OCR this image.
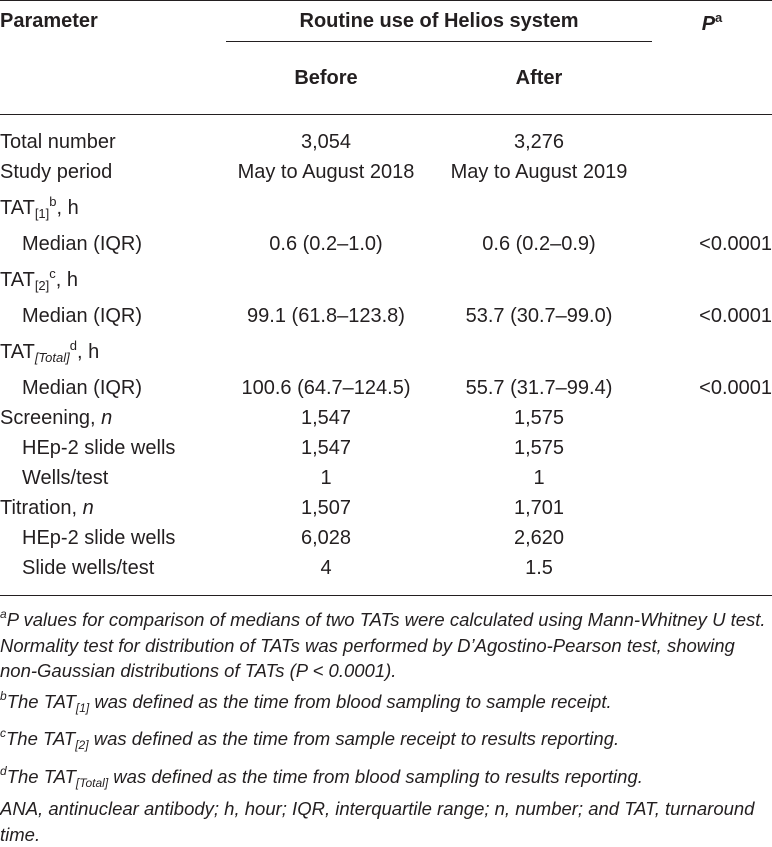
Parameter	Routine use of Helios system		$P^a$
	Before	After	

Total number	3,054	3,276	
Study period	May to August 2018	May to August 2019	
$TAT_{[1]}^b$, h			
Median (IQR)	0.6 (0.2–1.0)	0.6 (0.2–0.9)	<0.0001
$TAT_{[2]}^c$, h			
Median (IQR)	99.1 (61.8–123.8)	53.7 (30.7–99.0)	<0.0001
$TAT_{[Total]}^d$, h			
Median (IQR)	100.6 (64.7–124.5)	55.7 (31.7–99.4)	<0.0001
Screening, n	1,547	1,575	
HEp-2 slide wells	1,547	1,575	
Wells/test	1	1	
Titration, n	1,507	1,701	
HEp-2 slide wells	6,028	2,620	
Slide wells/test	4	1.5	

$^a$P values for comparison of medians of two TATs were calculated using Mann-Whitney U test. Normality test for distribution of TATs was performed by D’Agostino-Pearson test, showing non-Gaussian distributions of TATs (P < 0.0001).

$^b$The $TAT_{[1]}$ was defined as the time from blood sampling to sample receipt.

$^c$The $TAT_{[2]}$ was defined as the time from sample receipt to results reporting.

$^d$The $TAT_{[Total]}$ was defined as the time from blood sampling to results reporting.

ANA, antinuclear antibody; h, hour; IQR, interquartile range; n, number; and TAT, turnaround time.
